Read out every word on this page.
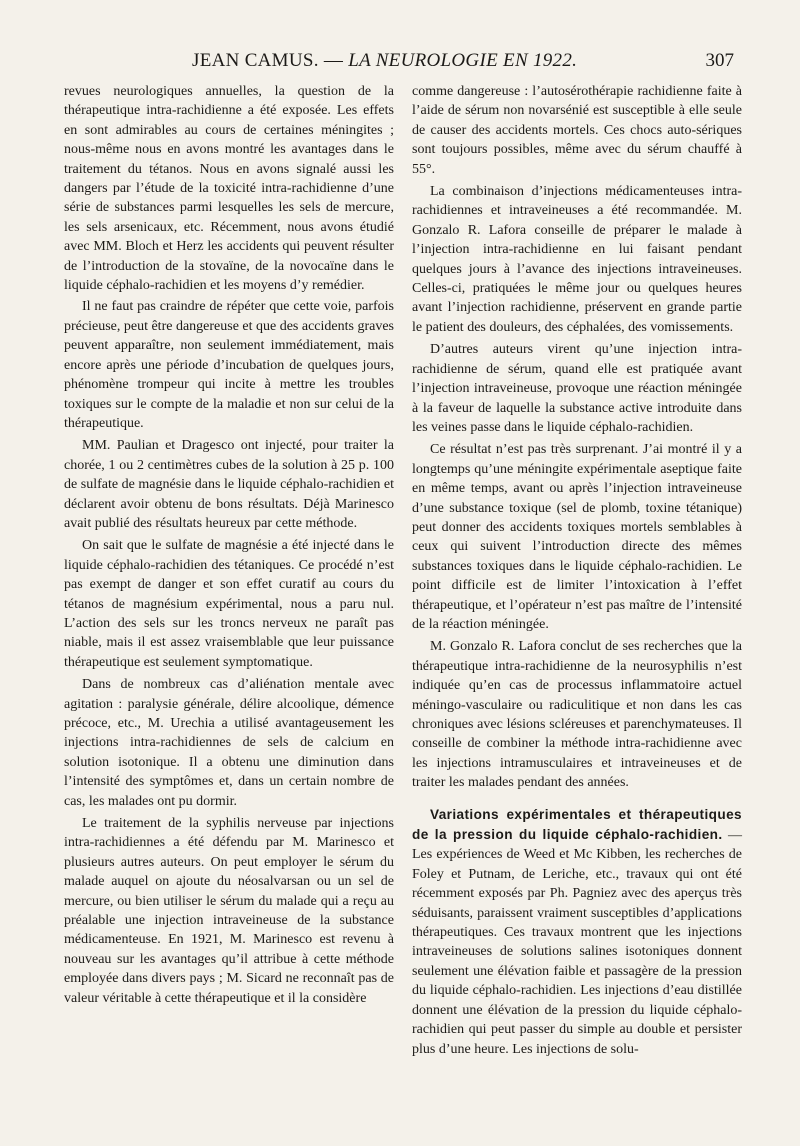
JEAN CAMUS. — LA NEUROLOGIE EN 1922.	307

revues neurologiques annuelles, la question de la thérapeutique intra-rachidienne a été exposée. Les effets en sont admirables au cours de certaines méningites ; nous-même nous en avons montré les avantages dans le traitement du tétanos. Nous en avons signalé aussi les dangers par l’étude de la toxicité intra-rachidienne d’une série de substances parmi lesquelles les sels de mercure, les sels arsenicaux, etc. Récemment, nous avons étudié avec MM. Bloch et Herz les accidents qui peuvent résulter de l’introduction de la stovaïne, de la novocaïne dans le liquide céphalo-rachidien et les moyens d’y remédier.

Il ne faut pas craindre de répéter que cette voie, parfois précieuse, peut être dangereuse et que des accidents graves peuvent apparaître, non seulement immédiatement, mais encore après une période d’incubation de quelques jours, phénomène trompeur qui incite à mettre les troubles toxiques sur le compte de la maladie et non sur celui de la thérapeutique.

MM. Paulian et Dragesco ont injecté, pour traiter la chorée, 1 ou 2 centimètres cubes de la solution à 25 p. 100 de sulfate de magnésie dans le liquide céphalo-rachidien et déclarent avoir obtenu de bons résultats. Déjà Marinesco avait publié des résultats heureux par cette méthode.

On sait que le sulfate de magnésie a été injecté dans le liquide céphalo-rachidien des tétaniques. Ce procédé n’est pas exempt de danger et son effet curatif au cours du tétanos de magnésium expérimental, nous a paru nul. L’action des sels sur les troncs nerveux ne paraît pas niable, mais il est assez vraisemblable que leur puissance thérapeutique est seulement symptomatique.

Dans de nombreux cas d’aliénation mentale avec agitation : paralysie générale, délire alcoolique, démence précoce, etc., M. Urechia a utilisé avantageusement les injections intra-rachidiennes de sels de calcium en solution isotonique. Il a obtenu une diminution dans l’intensité des symptômes et, dans un certain nombre de cas, les malades ont pu dormir.

Le traitement de la syphilis nerveuse par injections intra-rachidiennes a été défendu par M. Marinesco et plusieurs autres auteurs. On peut employer le sérum du malade auquel on ajoute du néosalvarsan ou un sel de mercure, ou bien utiliser le sérum du malade qui a reçu au préalable une injection intraveineuse de la substance médicamenteuse. En 1921, M. Marinesco est revenu à nouveau sur les avantages qu’il attribue à cette méthode employée dans divers pays ; M. Sicard ne reconnaît pas de valeur véritable à cette thérapeutique et il la considère

comme dangereuse : l’autosérothérapie rachidienne faite à l’aide de sérum non novarsénié est susceptible à elle seule de causer des accidents mortels. Ces chocs auto-sériques sont toujours possibles, même avec du sérum chauffé à 55°.

La combinaison d’injections médicamenteuses intra-rachidiennes et intraveineuses a été recommandée. M. Gonzalo R. Lafora conseille de préparer le malade à l’injection intra-rachidienne en lui faisant pendant quelques jours à l’avance des injections intraveineuses. Celles-ci, pratiquées le même jour ou quelques heures avant l’injection rachidienne, préservent en grande partie le patient des douleurs, des céphalées, des vomissements.

D’autres auteurs virent qu’une injection intra-rachidienne de sérum, quand elle est pratiquée avant l’injection intraveineuse, provoque une réaction méningée à la faveur de laquelle la substance active introduite dans les veines passe dans le liquide céphalo-rachidien.

Ce résultat n’est pas très surprenant. J’ai montré il y a longtemps qu’une méningite expérimentale aseptique faite en même temps, avant ou après l’injection intraveineuse d’une substance toxique (sel de plomb, toxine tétanique) peut donner des accidents toxiques mortels semblables à ceux qui suivent l’introduction directe des mêmes substances toxiques dans le liquide céphalo-rachidien. Le point difficile est de limiter l’intoxication à l’effet thérapeutique, et l’opérateur n’est pas maître de l’intensité de la réaction méningée.

M. Gonzalo R. Lafora conclut de ses recherches que la thérapeutique intra-rachidienne de la neurosyphilis n’est indiquée qu’en cas de processus inflammatoire actuel méningo-vasculaire ou radiculitique et non dans les cas chroniques avec lésions scléreuses et parenchymateuses. Il conseille de combiner la méthode intra-rachidienne avec les injections intramusculaires et intraveineuses et de traiter les malades pendant des années.

Variations expérimentales et thérapeutiques de la pression du liquide céphalo-rachidien. — Les expériences de Weed et Mc Kibben, les recherches de Foley et Putnam, de Leriche, etc., travaux qui ont été récemment exposés par Ph. Pagniez avec des aperçus très séduisants, paraissent vraiment susceptibles d’applications thérapeutiques. Ces travaux montrent que les injections intraveineuses de solutions salines isotoniques donnent seulement une élévation faible et passagère de la pression du liquide céphalo-rachidien. Les injections d’eau distillée donnent une élévation de la pression du liquide céphalo-rachidien qui peut passer du simple au double et persister plus d’une heure. Les injections de solu-
